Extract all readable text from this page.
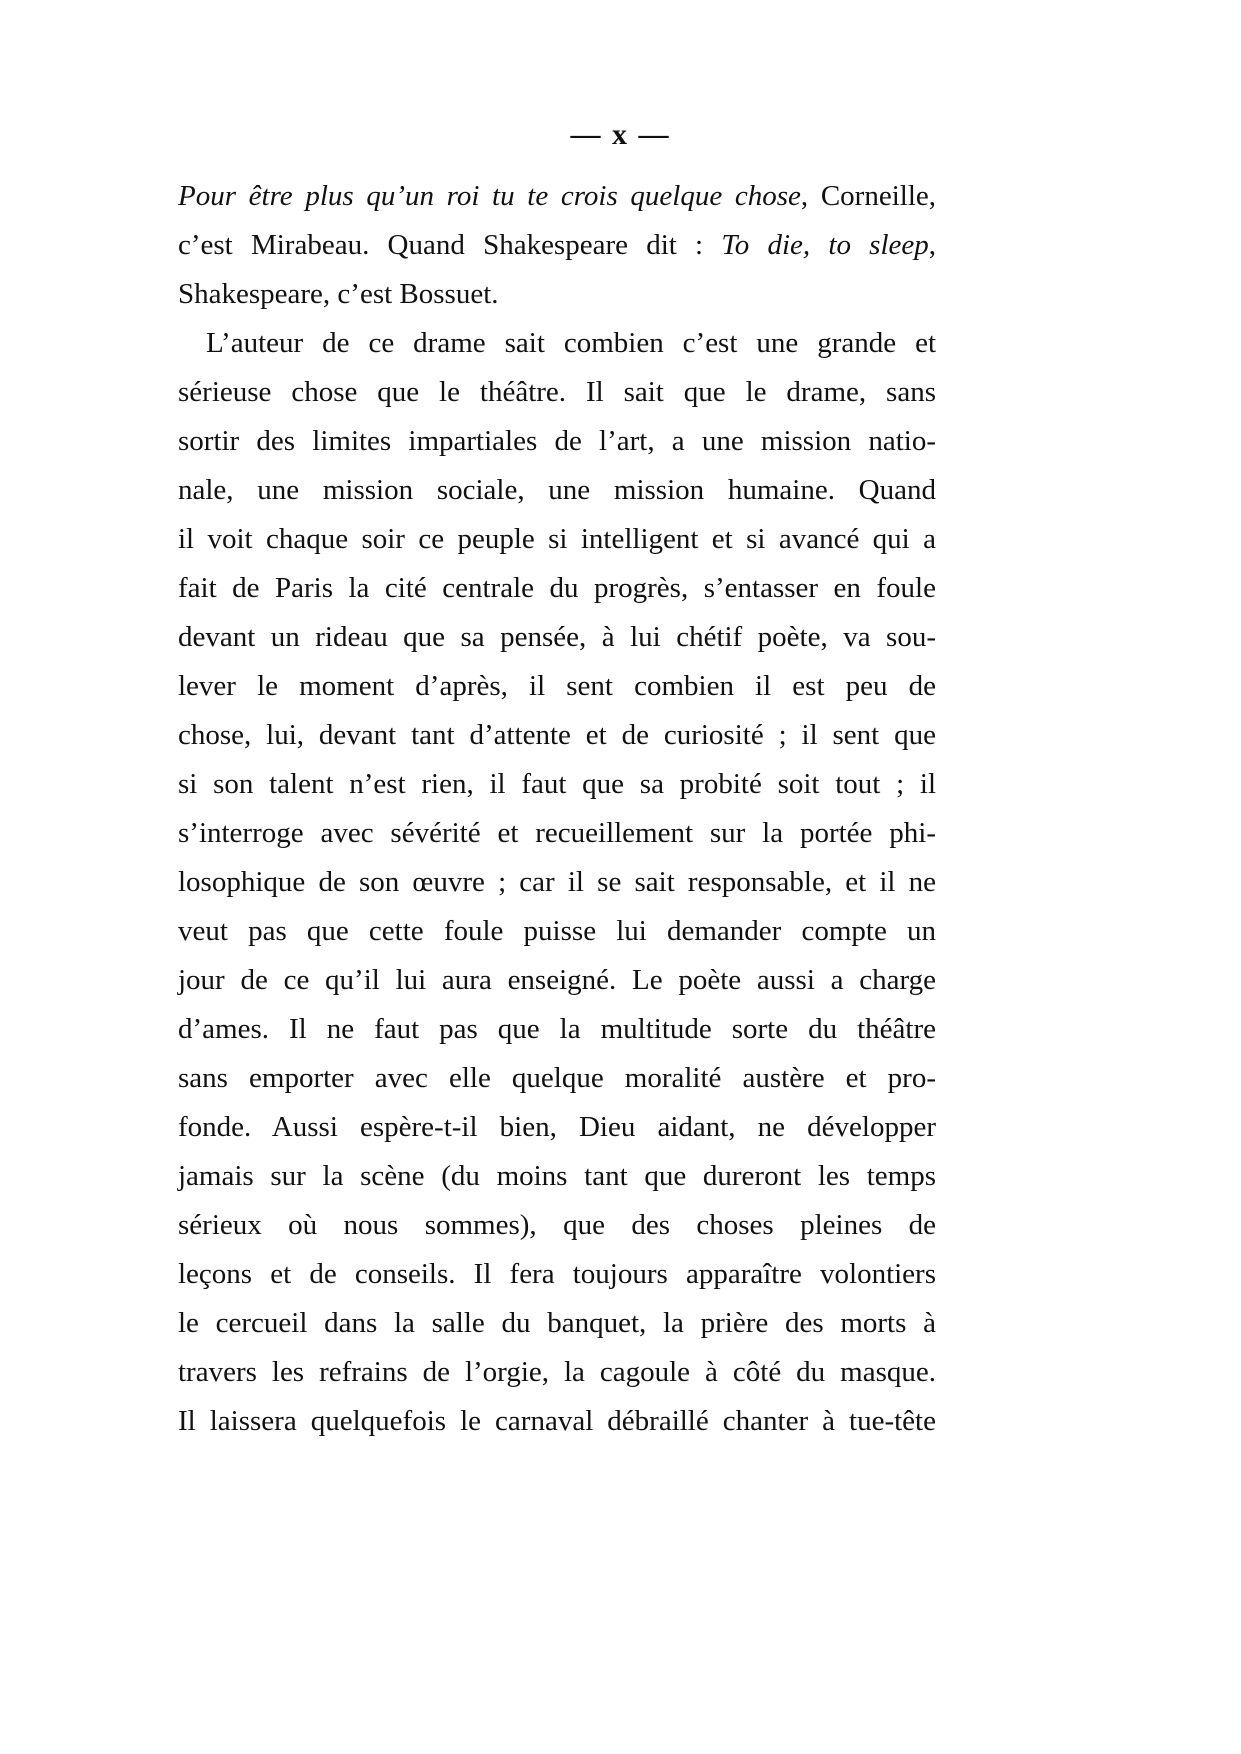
— x —
Pour être plus qu’un roi tu te crois quelque chose, Corneille,
c’est Mirabeau. Quand Shakespeare dit : To die, to sleep,
Shakespeare, c’est Bossuet.
L’auteur de ce drame sait combien c’est une grande et
sérieuse chose que le théâtre. Il sait que le drame, sans
sortir des limites impartiales de l’art, a une mission natio-
nale, une mission sociale, une mission humaine. Quand
il voit chaque soir ce peuple si intelligent et si avancé qui a
fait de Paris la cité centrale du progrès, s’entasser en foule
devant un rideau que sa pensée, à lui chétif poète, va sou-
lever le moment d’après, il sent combien il est peu de
chose, lui, devant tant d’attente et de curiosité ; il sent que
si son talent n’est rien, il faut que sa probité soit tout ; il
s’interroge avec sévérité et recueillement sur la portée phi-
losophique de son œuvre ; car il se sait responsable, et il ne
veut pas que cette foule puisse lui demander compte un
jour de ce qu’il lui aura enseigné. Le poète aussi a charge
d’ames. Il ne faut pas que la multitude sorte du théâtre
sans emporter avec elle quelque moralité austère et pro-
fonde. Aussi espère-t-il bien, Dieu aidant, ne développer
jamais sur la scène (du moins tant que dureront les temps
sérieux où nous sommes), que des choses pleines de
leçons et de conseils. Il fera toujours apparaître volontiers
le cercueil dans la salle du banquet, la prière des morts à
travers les refrains de l’orgie, la cagoule à côté du masque.
Il laissera quelquefois le carnaval débraillé chanter à tue-tête
